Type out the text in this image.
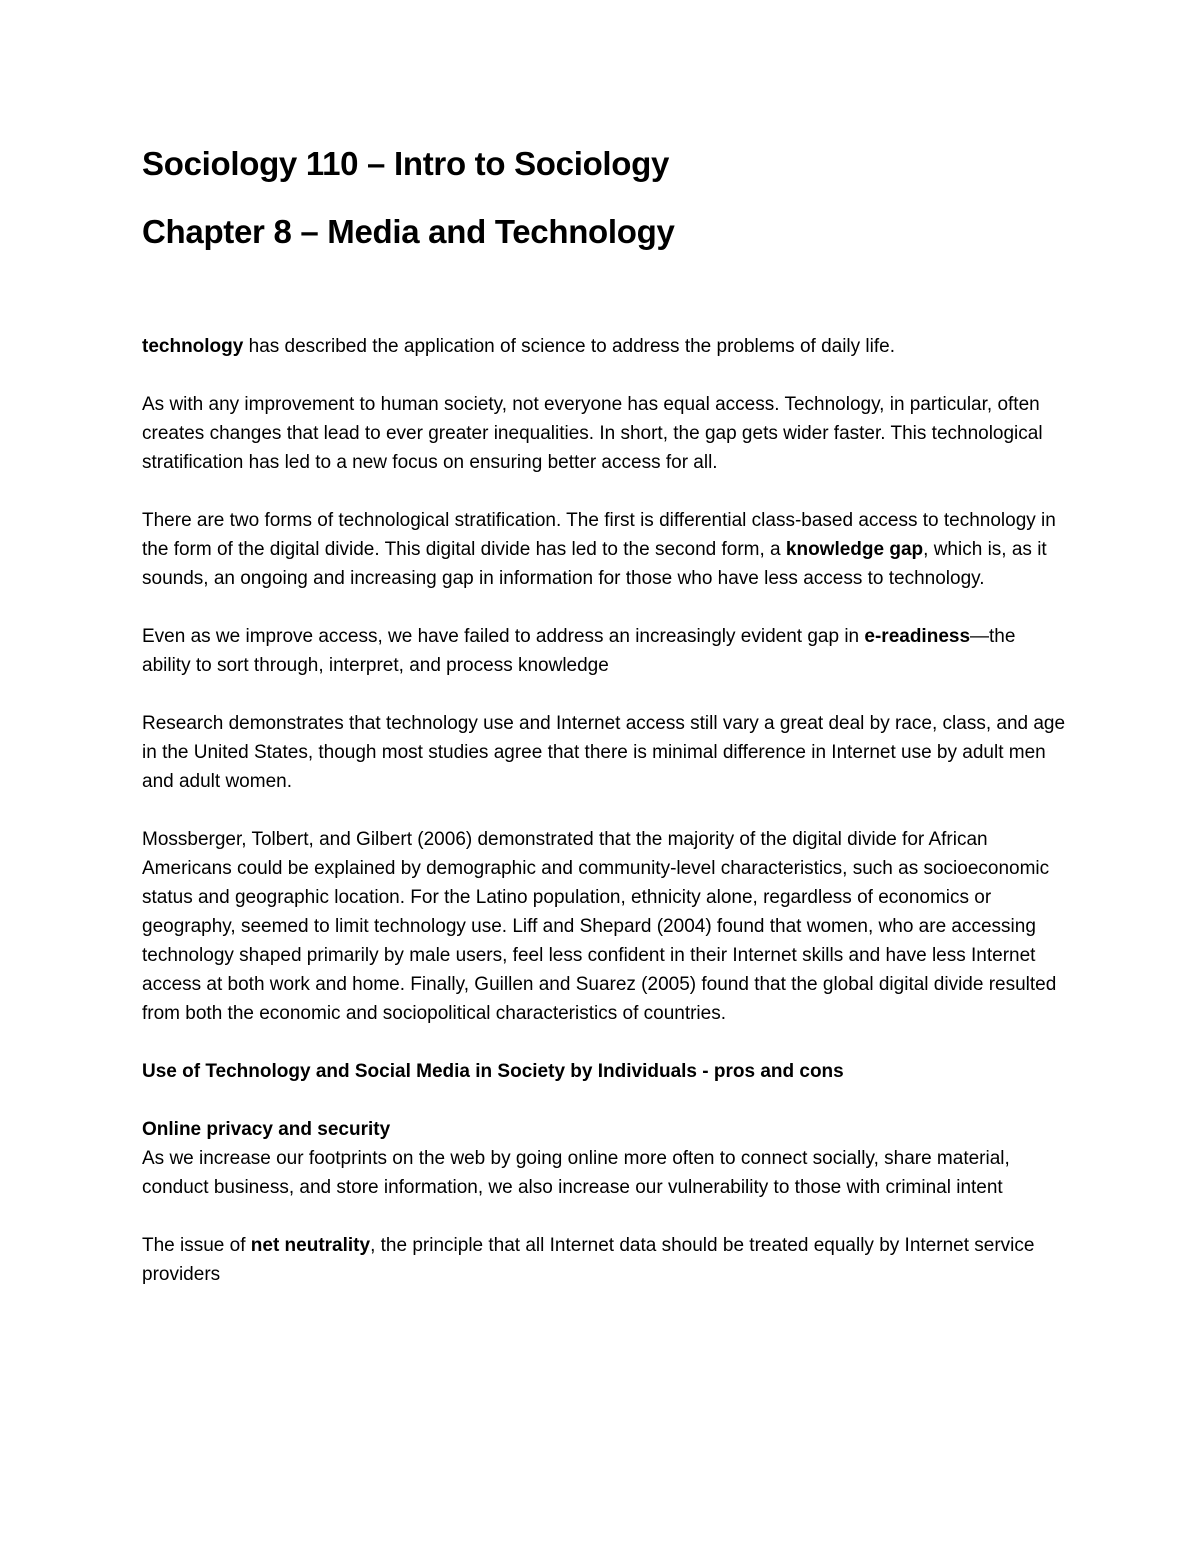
Sociology 110 – Intro to Sociology
Chapter 8 – Media and Technology

technology has described the application of science to address the problems of daily life.

As with any improvement to human society, not everyone has equal access. Technology, in particular, often creates changes that lead to ever greater inequalities. In short, the gap gets wider faster. This technological stratification has led to a new focus on ensuring better access for all.

There are two forms of technological stratification. The first is differential class-based access to technology in the form of the digital divide. This digital divide has led to the second form, a knowledge gap, which is, as it sounds, an ongoing and increasing gap in information for those who have less access to technology.

Even as we improve access, we have failed to address an increasingly evident gap in e-readiness—the ability to sort through, interpret, and process knowledge

Research demonstrates that technology use and Internet access still vary a great deal by race, class, and age in the United States, though most studies agree that there is minimal difference in Internet use by adult men and adult women.

Mossberger, Tolbert, and Gilbert (2006) demonstrated that the majority of the digital divide for African Americans could be explained by demographic and community-level characteristics, such as socioeconomic status and geographic location. For the Latino population, ethnicity alone, regardless of economics or geography, seemed to limit technology use. Liff and Shepard (2004) found that women, who are accessing technology shaped primarily by male users, feel less confident in their Internet skills and have less Internet access at both work and home. Finally, Guillen and Suarez (2005) found that the global digital divide resulted from both the economic and sociopolitical characteristics of countries.

Use of Technology and Social Media in Society by Individuals - pros and cons

Online privacy and security

As we increase our footprints on the web by going online more often to connect socially, share material, conduct business, and store information, we also increase our vulnerability to those with criminal intent

The issue of net neutrality, the principle that all Internet data should be treated equally by Internet service providers
